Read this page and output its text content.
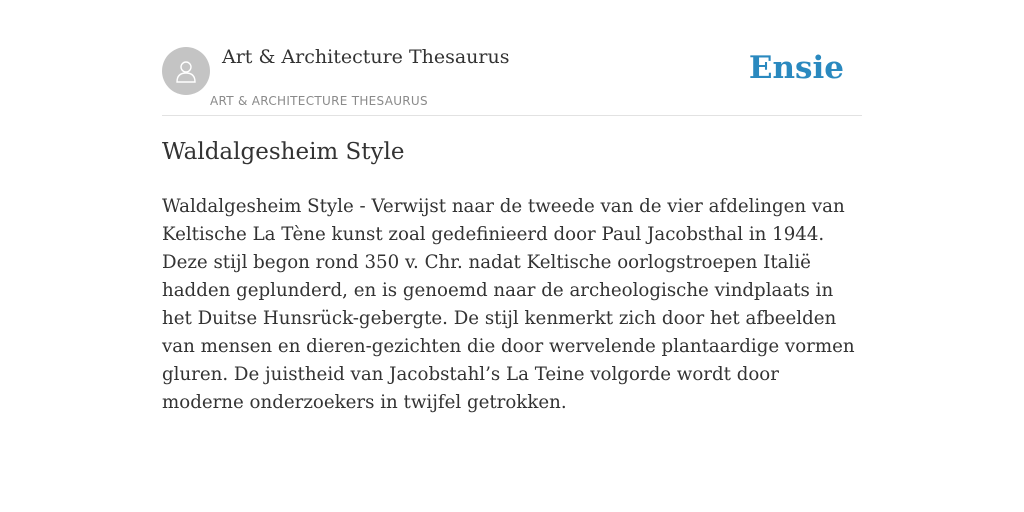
Art & Architecture Thesaurus
ART & ARCHITECTURE THESAURUS
Ensie
Waldalgesheim Style

Waldalgesheim Style - Verwijst naar de tweede van de vier afdelingen van Keltische La Tène kunst zoal gedefinieerd door Paul Jacobsthal in 1944. Deze stijl begon rond 350 v. Chr. nadat Keltische oorlogstroepen Italië hadden geplunderd, en is genoemd naar de archeologische vindplaats in het Duitse Hunsrück-gebergte. De stijl kenmerkt zich door het afbeelden van mensen en dieren-gezichten die door wervelende plantaardige vormen gluren. De juistheid van Jacobstahl’s La Teine volgorde wordt door moderne onderzoekers in twijfel getrokken.
